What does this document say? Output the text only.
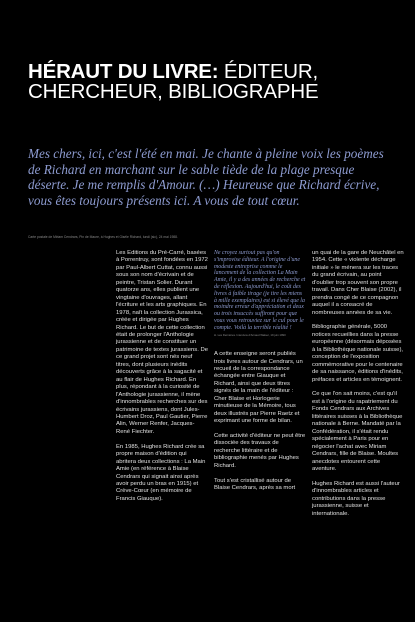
HÉRAUT DU LIVRE: ÉDITEUR,
CHERCHEUR, BIBLIOGRAPHE

Mes chers, ici, c'est l'été en mai. Je chante à pleine voix les poèmes de Richard en marchant sur le sable tiède de la plage presque déserte. Je me remplis d'Amour. (…) Heureuse que Richard écrive, vous êtes toujours présents ici. A vous de tout cœur.

Carte postale de Miriam Cendrars, Pin de Maure, à Hughes et Gisèle Richard, lundi (sic), 24 mai 1988.

Les Editions du Pré-Carré, basées à Porrentruy, sont fondées en 1972 par Paul-Albert Cuttat, connu aussi sous son nom d'écrivain et de peintre, Tristan Solier. Durant quatorze ans, elles publient une vingtaine d'ouvrages, allant l'écriture et les arts graphiques. En 1978, naît la collection Jurassica, créée et dirigée par Hughes Richard. Le but de cette collection était de prolonger l'Anthologie jurassienne et de constituer un patrimoine de textes jurassiens. De ce grand projet sont nés neuf titres, dont plusieurs inédits découverts grâce à la sagacité et au flair de Hughes Richard. En plus, répondant à la curiosité de l'Anthologie jurassienne, il mène d'innombrables recherches sur des écrivains jurassiens, dont Jules-Humbert Droz, Paul Gautier, Pierre Alin, Werner Renfer, Jacques-René Fiechter.

En 1985, Hughes Richard crée sa propre maison d'édition qui abritera deux collections : La Main Amie (en référence à Blaise Cendrars qui signait ainsi après avoir perdu un bras en 1915) et Crève-Cœur (en mémoire de Francis Giauque).

Ne croyez surtout pas qu'on s'improvise éditeur. A l'origine d'une modeste entreprise comme le lancement de la collection La Main Amie, il y a des années de recherche et de réflexion. Aujourd'hui, le coût des livres à faible tirage (je tire les miens à mille exemplaires) est si élevé que la moindre erreur d'appréciation et deux ou trois insuccès suffiront pour que vous vous retrouviez sur le cul pour le compte. Voilà la terrible réalité !

H. Les Dernières. Interview d'Arnaud Walser, 19 juin 1990

A cette enseigne seront publiés trois livres autour de Cendrars, un recueil de la correspondance échangée entre Giauque et Richard, ainsi que deux titres signés de la main de l'éditeur : Cher Blaise et Horlogerie minutieuse de la Mémoire, tous deux illustrés par Pierre Raetz et exprimant une forme de bilan.

Cette activité d'éditeur ne peut être dissociée des travaux de recherche littéraire et de bibliographie menés par Hughes Richard.

Tout s'est cristallisé autour de Blaise Cendrars, après sa mort

un quai de la gare de Neuchâtel en 1954. Cette « violente décharge initiale » le ménera sur les traces du grand écrivain, au point d'oublier trop souvent son propre travail. Dans Cher Blaise (2002), il prendra congé de ce compagnon auquel il a consacré de nombreuses années de sa vie.

Bibliographie générale, 5000 notices recueillies dans la presse européenne (désormais déposées à la Bibliothèque nationale suisse), conception de l'exposition commémorative pour le centenaire de sa naissance, éditions d'inédits, préfaces et articles en témoignent.

Ce que l'on sait moins, c'est qu'il est à l'origine du rapatriement du Fonds Cendrars aux Archives littéraires suisses à la Bibliothèque nationale à Berne. Mandaté par la Confédération, il s'était rendu spécialement à Paris pour en négocier l'achat avec Miriam Cendrars, fille de Blaise. Moultes anecdotes entourent cette aventure.

Hughes Richard est aussi l'auteur d'innombrables articles et contributions dans la presse jurassienne, suisse et internationale.
